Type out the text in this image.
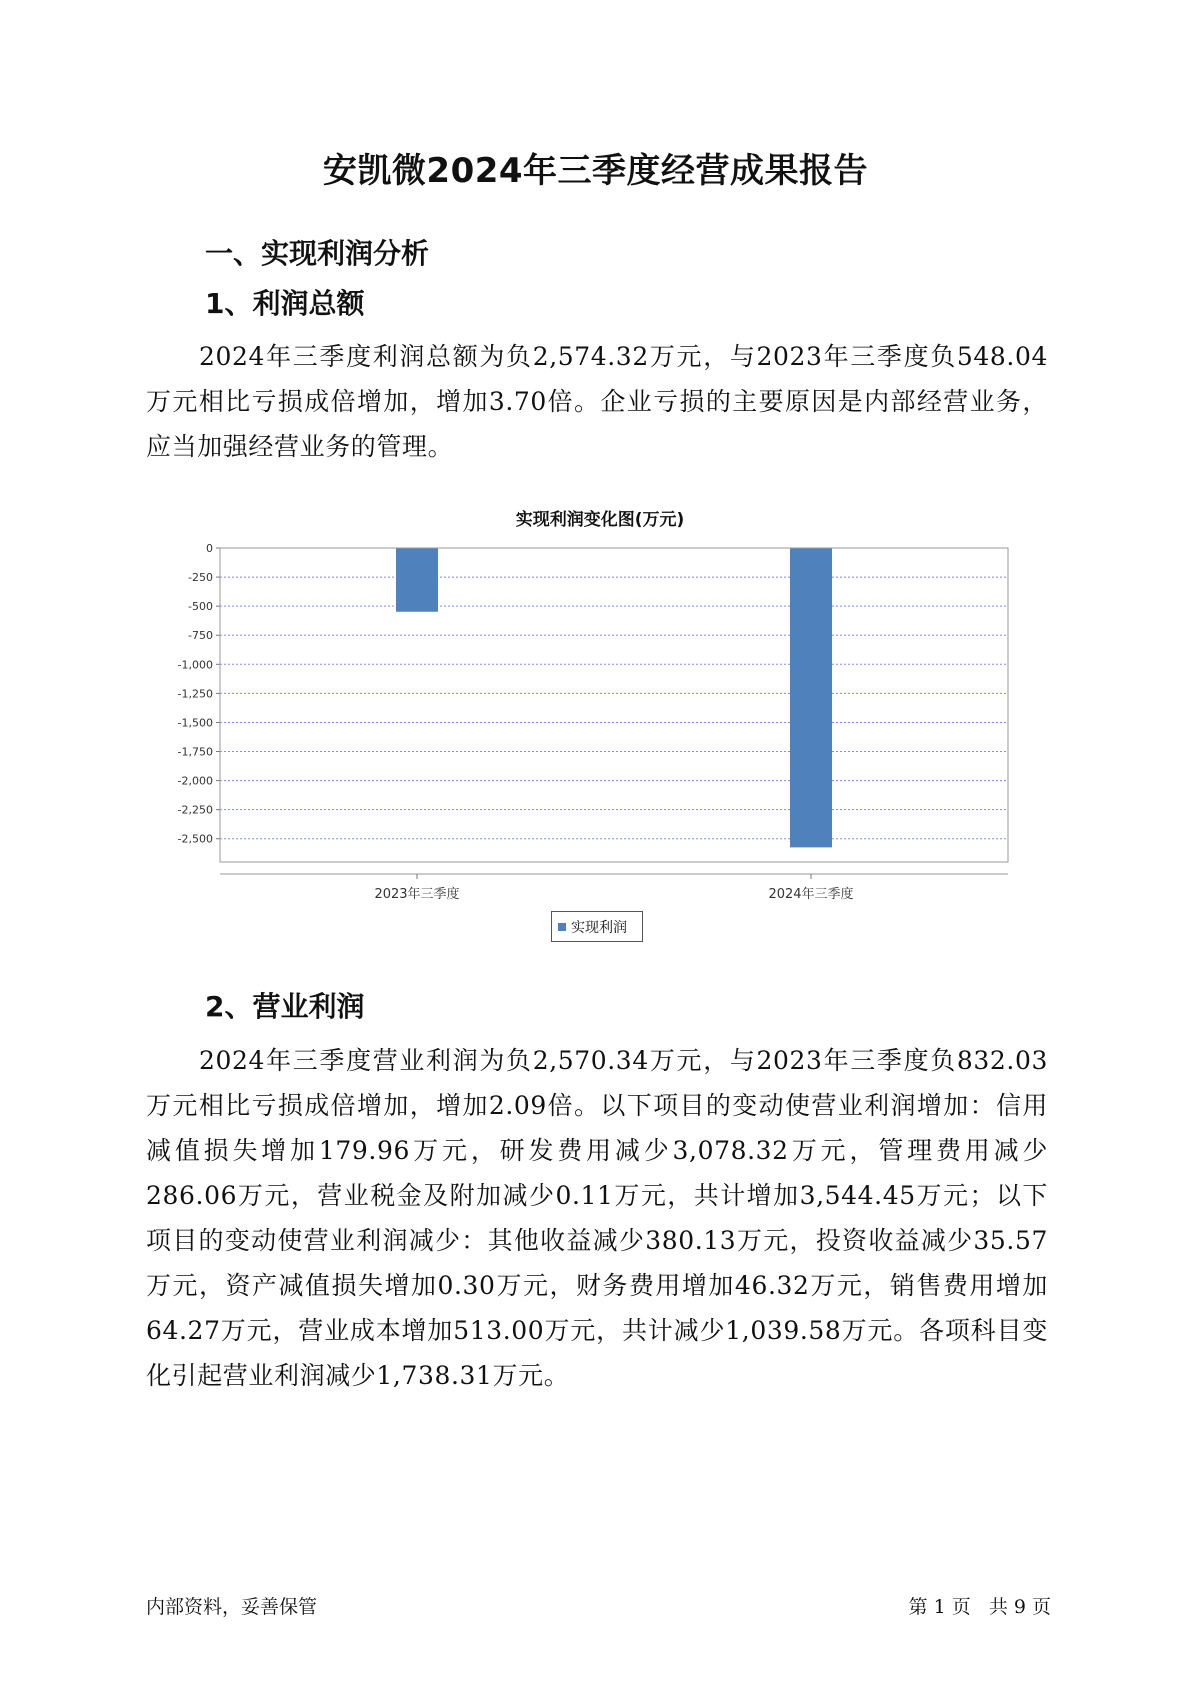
安凯微2024年三季度经营成果报告
一、实现利润分析
1、利润总额
2024年三季度利润总额为负2,574.32万元，与2023年三季度负548.04万元相比亏损成倍增加，增加3.70倍。企业亏损的主要原因是内部经营业务，应当加强经营业务的管理。
实现利润变化图(万元)
0
-250
-500
-750
-1,000
-1,250
-1,500
-1,750
-2,000
-2,250
-2,500
2023年三季度	2024年三季度
实现利润
2、营业利润
2024年三季度营业利润为负2,570.34万元，与2023年三季度负832.03万元相比亏损成倍增加，增加2.09倍。以下项目的变动使营业利润增加：信用减值损失增加179.96万元，研发费用减少3,078.32万元，管理费用减少286.06万元，营业税金及附加减少0.11万元，共计增加3,544.45万元；以下项目的变动使营业利润减少：其他收益减少380.13万元，投资收益减少35.57万元，资产减值损失增加0.30万元，财务费用增加46.32万元，销售费用增加64.27万元，营业成本增加513.00万元，共计减少1,039.58万元。各项科目变化引起营业利润减少1,738.31万元。
内部资料，妥善保管	第 1 页   共 9 页
